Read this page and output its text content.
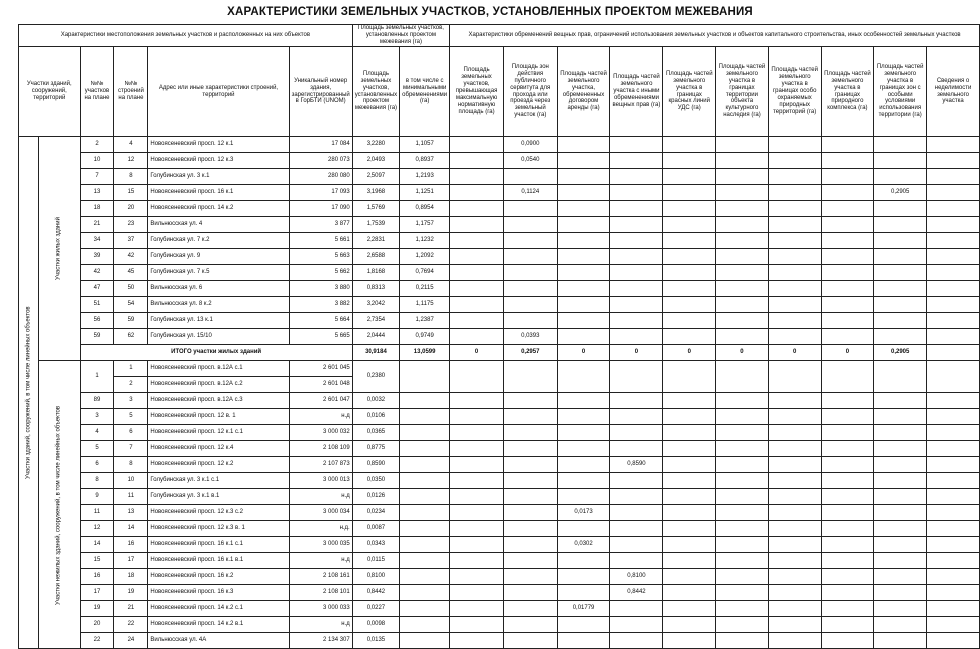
ХАРАКТЕРИСТИКИ ЗЕМЕЛЬНЫХ УЧАСТКОВ, УСТАНОВЛЕННЫХ ПРОЕКТОМ МЕЖЕВАНИЯ
Характеристики местоположения земельных участков и расположенных на них объектов						Площадь земельных участков, установленных проектом межевания (га)		Характеристики обременений вещных прав, ограничений использования земельных участков и объектов капитального строительства, иных особенностей земельных участков									
Участки зданий, сооружений, территорий		№№ участков на плане	№№ строений на плане	Адрес или иные характеристики строений, территорий	Уникальный номер здания, зарегистрированный в ГорБТИ (UNOM)	Площадь земельных участков, установленных проектом межевания (га)	в том числе с минимальными обременениями (га)	Площадь земельных участков, превышающая максимальную нормативную площадь (га)	Площадь зон действия публичного сервитута для прохода или проезда через земельный участок (га)	Площадь частей земельного участка, обремененных договором аренды (га)	Площадь частей земельного участка с иными обременениями вещных прав (га)	Площадь частей земельного участка в границах красных линий УДС (га)	Площадь частей земельного участка в границах территории объекта культурного наследия (га)	Площадь частей земельного участка в границах особо охраняемых природных территорий (га)	Площадь частей земельного участка в границах природного комплекса (га)	Площадь частей земельного участка в границах зон с особыми условиями использования территории (га)	Сведения о неделимости земельного участка
Участки зданий, сооружений, в том числе линейных объектов	Участки жилых зданий	2	4	Новоясеневский просп. 12 к.1	17 084	3,2280	1,1057		0,0900								
		10	12	Новоясеневский просп. 12 к.3	280 073	2,0493	0,8937		0,0540								
		7	8	Голубинская ул. 3 к.1	280 080	2,5097	1,2193										
		13	15	Новоясеневский просп. 16 к.1	17 093	3,1968	1,1251		0,1124							0,2905	
		18	20	Новоясеневский просп. 14 к.2	17 090	1,5769	0,8954										
		21	23	Вильнюсская ул. 4	3 877	1,7539	1,1757										
		34	37	Голубинская ул. 7 к.2	5 661	2,2831	1,1232										
		39	42	Голубинская ул. 9	5 663	2,6588	1,2092										
		42	45	Голубинская ул. 7 к.5	5 662	1,8168	0,7694										
		47	50	Вильнюсская ул. 6	3 880	0,8313	0,2115										
		51	54	Вильнюсская ул. 8 к.2	3 882	3,2042	1,1175										
		56	59	Голубинская ул. 13 к.1	5 664	2,7354	1,2387										
		59	62	Голубинская ул. 15/10	5 665	2,0444	0,9749		0,0393								
		ИТОГО участки жилых зданий				30,9184	13,0599	0	0,2957	0	0	0	0	0	0	0,2905	
	Участки нежилых зданий, сооружений, в том числе линейных объектов	1	1	Новоясеневский просп. в.12А с.1	2 601 045	0,2380											
			2	Новоясеневский просп. в.12А с.2	2 601 048												
		89	3	Новоясеневский просп. в.12А с.3	2 601 047	0,0032											
		3	5	Новоясеневский просп. 12 в. 1	н.д	0,0106											
		4	6	Новоясеневский просп. 12 к.1 с.1	3 000 032	0,0365											
		5	7	Новоясеневский просп. 12 к.4	2 108 109	0,8775											
		6	8	Новоясеневский просп. 12 к.2	2 107 873	0,8590					0,8590						
		8	10	Голубинская ул. 3 к.1 с.1	3 000 013	0,0350											
		9	11	Голубинская ул. 3 к.1 в.1	н.д	0,0126											
		11	13	Новоясеневский просп. 12 к.3 с.2	3 000 034	0,0234				0,0173							
		12	14	Новоясеневский просп. 12 к.3 в. 1	н.д.	0,0087											
		14	16	Новоясеневский просп. 16 к.1 с.1	3 000 035	0,0343				0,0302							
		15	17	Новоясеневский просп. 16 к.1 в.1	н.д	0,0115											
		16	18	Новоясеневский просп. 16 к.2	2 108 161	0,8100					0,8100						
		17	19	Новоясеневский просп. 16 к.3	2 108 101	0,8442					0,8442						
		19	21	Новоясеневский просп. 14 к.2 с.1	3 000 033	0,0227				0,01779							
		20	22	Новоясеневский просп. 14 к.2 в.1	н.д	0,0098											
		22	24	Вильнюсская ул. 4А	2 134 307	0,0135											
